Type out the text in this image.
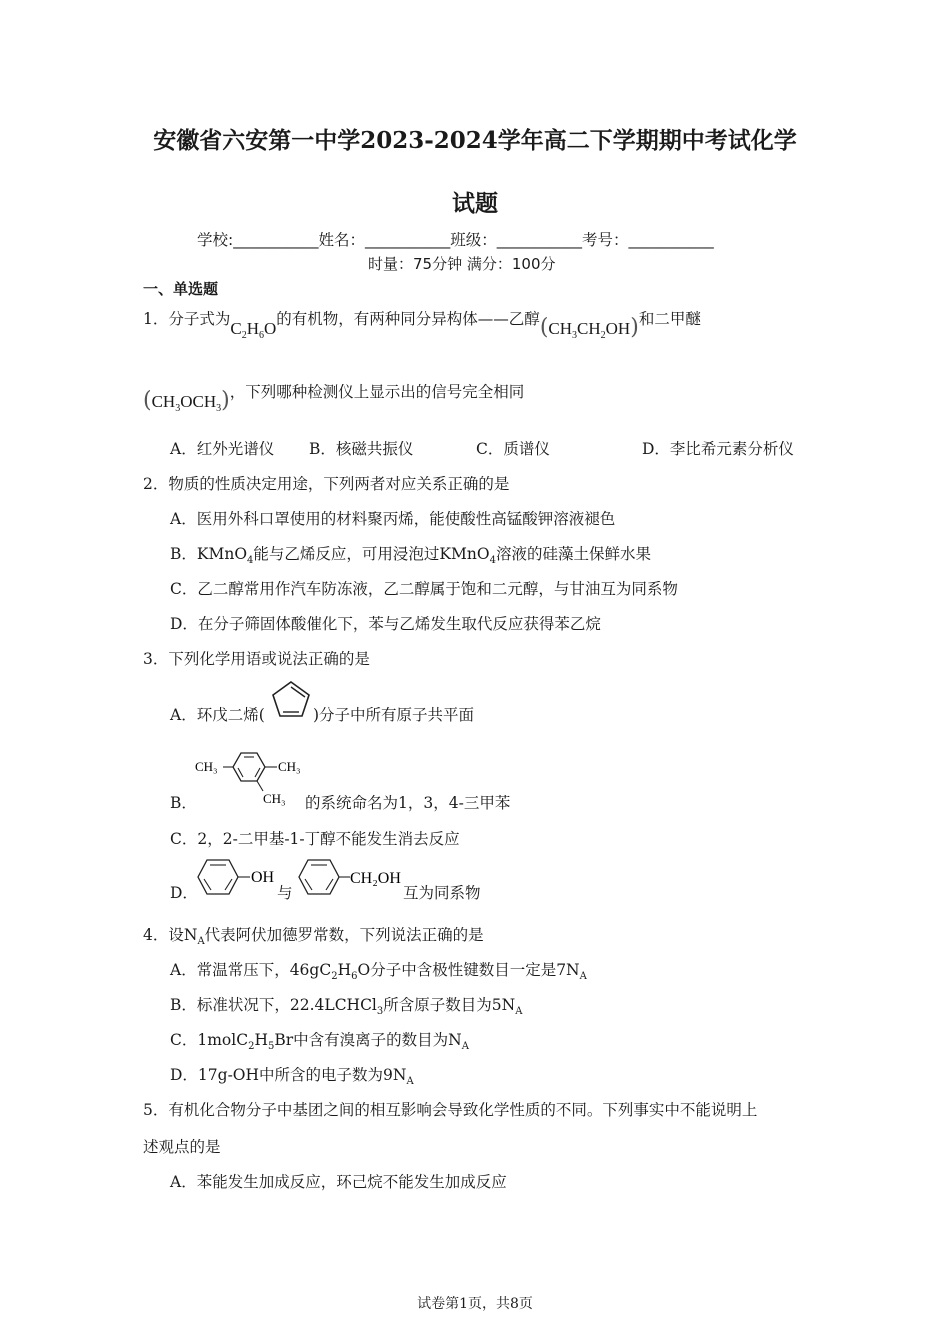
安徽省六安第一中学2023-2024学年高二下学期期中考试化学
试题
学校:___________姓名：___________班级：___________考号：___________
时量：75分钟 满分：100分
一、单选题
1．分子式为$C_2H_6O$的有机物，有两种同分异构体——乙醇$(CH_3CH_2OH)$和二甲醚
$(CH_3OCH_3)$，下列哪种检测仪上显示出的信号完全相同
A．红外光谱仪 B．核磁共振仪	C．质谱仪	D．李比希元素分析仪
2．物质的性质决定用途，下列两者对应关系正确的是
A．医用外科口罩使用的材料聚丙烯，能使酸性高锰酸钾溶液褪色
B．KMnO$_4$能与乙烯反应，可用浸泡过KMnO$_4$溶液的硅藻土保鲜水果
C．乙二醇常用作汽车防冻液，乙二醇属于饱和二元醇，与甘油互为同系物
D．在分子筛固体酸催化下，苯与乙烯发生取代反应获得苯乙烷
3．下列化学用语或说法正确的是
A．环戊二烯(	)分子中所有原子共平面
B．
CH₃	CH₃
CH₃ 的系统命名为1，3，4-三甲苯
C．2，2-二甲基-1-丁醇不能发生消去反应
D．
OH
与
CH₂OH
互为同系物
4．设$N_A$代表阿伏加德罗常数，下列说法正确的是
A．常温常压下，$46gC_2H_6O$分子中含极性键数目一定是$7N_A$
B．标准状况下，22.4LCHCl$_3$所含原子数目为$5N_A$
C．$1molC_2H_5Br$中含有溴离子的数目为$N_A$
D．17g-OH中所含的电子数为$9N_A$
5．有机化合物分子中基团之间的相互影响会导致化学性质的不同。下列事实中不能说明上
述观点的是
A．苯能发生加成反应，环己烷不能发生加成反应
试卷第1页，共8页
